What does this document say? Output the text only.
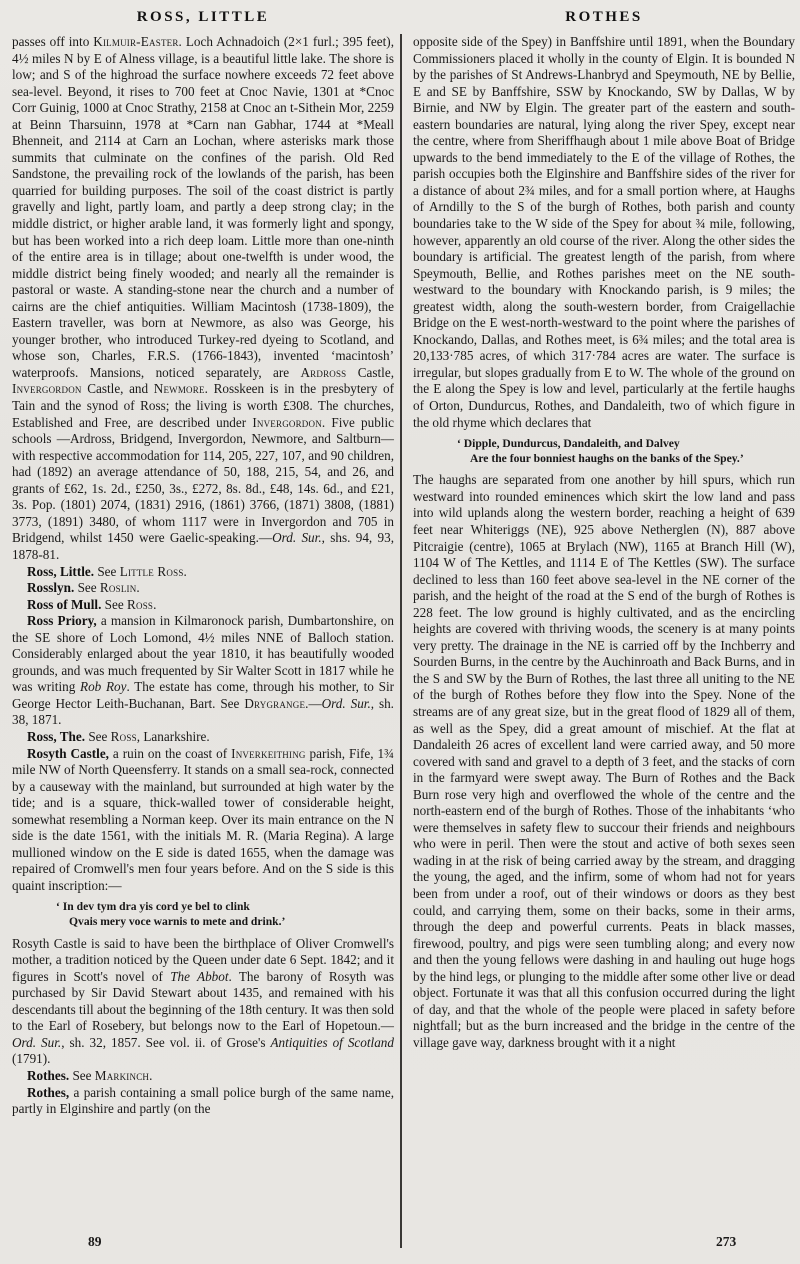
ROSS, LITTLE

passes off into Kilmuir-Easter. Loch Achnadoich (2×1 furl.; 395 feet), 4½ miles N by E of Alness village, is a beautiful little lake. The shore is low; and S of the highroad the surface nowhere exceeds 72 feet above sea-level. Beyond, it rises to 700 feet at Cnoc Navie, 1301 at *Cnoc Corr Guinig, 1000 at Cnoc Strathy, 2158 at Cnoc an t-Sithein Mor, 2259 at Beinn Tharsuinn, 1978 at *Carn nan Gabhar, 1744 at *Meall Bhenneit, and 2114 at Carn an Lochan, where asterisks mark those summits that culminate on the confines of the parish. Old Red Sandstone, the prevailing rock of the lowlands of the parish, has been quarried for building purposes. The soil of the coast district is partly gravelly and light, partly loam, and partly a deep strong clay; in the middle district, or higher arable land, it was formerly light and spongy, but has been worked into a rich deep loam. Little more than one-ninth of the entire area is in tillage; about one-twelfth is under wood, the middle district being finely wooded; and nearly all the remainder is pastoral or waste. A standing-stone near the church and a number of cairns are the chief antiquities. William Macintosh (1738-1809), the Eastern traveller, was born at Newmore, as also was George, his younger brother, who introduced Turkey-red dyeing to Scotland, and whose son, Charles, F.R.S. (1766-1843), invented ‘macintosh’ waterproofs. Mansions, noticed separately, are Ardross Castle, Invergordon Castle, and Newmore. Rosskeen is in the presbytery of Tain and the synod of Ross; the living is worth £308. The churches, Established and Free, are described under Invergordon. Five public schools —Ardross, Bridgend, Invergordon, Newmore, and Saltburn—with respective accommodation for 114, 205, 227, 107, and 90 children, had (1892) an average attendance of 50, 188, 215, 54, and 26, and grants of £62, 1s. 2d., £250, 3s., £272, 8s. 8d., £48, 14s. 6d., and £21, 3s. Pop. (1801) 2074, (1831) 2916, (1861) 3766, (1871) 3808, (1881) 3773, (1891) 3480, of whom 1117 were in Invergordon and 705 in Bridgend, whilst 1450 were Gaelic-speaking.—Ord. Sur., shs. 94, 93, 1878-81.

Ross, Little. See Little Ross.

Rosslyn. See Roslin.

Ross of Mull. See Ross.

Ross Priory, a mansion in Kilmaronock parish, Dumbartonshire, on the SE shore of Loch Lomond, 4½ miles NNE of Balloch station. Considerably enlarged about the year 1810, it has beautifully wooded grounds, and was much frequented by Sir Walter Scott in 1817 while he was writing Rob Roy. The estate has come, through his mother, to Sir George Hector Leith-Buchanan, Bart. See Drygrange.—Ord. Sur., sh. 38, 1871.

Ross, The. See Ross, Lanarkshire.

Rosyth Castle, a ruin on the coast of Inverkeithing parish, Fife, 1¾ mile NW of North Queensferry. It stands on a small sea-rock, connected by a causeway with the mainland, but surrounded at high water by the tide; and is a square, thick-walled tower of considerable height, somewhat resembling a Norman keep. Over its main entrance on the N side is the date 1561, with the initials M. R. (Maria Regina). A large mullioned window on the E side is dated 1655, when the damage was repaired of Cromwell's men four years before. And on the S side is this quaint inscription:—

‘ In dev tym dra yis cord ye bel to clink
Qvais mery voce warnis to mete and drink.’

Rosyth Castle is said to have been the birthplace of Oliver Cromwell's mother, a tradition noticed by the Queen under date 6 Sept. 1842; and it figures in Scott's novel of The Abbot. The barony of Rosyth was purchased by Sir David Stewart about 1435, and remained with his descendants till about the beginning of the 18th century. It was then sold to the Earl of Rosebery, but belongs now to the Earl of Hopetoun.—Ord. Sur., sh. 32, 1857. See vol. ii. of Grose's Antiquities of Scotland (1791).

Rothes. See Markinch.

Rothes, a parish containing a small police burgh of the same name, partly in Elginshire and partly (on the

ROTHES

opposite side of the Spey) in Banffshire until 1891, when the Boundary Commissioners placed it wholly in the county of Elgin. It is bounded N by the parishes of St Andrews-Lhanbryd and Speymouth, NE by Bellie, E and SE by Banffshire, SSW by Knockando, SW by Dallas, W by Birnie, and NW by Elgin. The greater part of the eastern and south-eastern boundaries are natural, lying along the river Spey, except near the centre, where from Sheriffhaugh about 1 mile above Boat of Bridge upwards to the bend immediately to the E of the village of Rothes, the parish occupies both the Elginshire and Banffshire sides of the river for a distance of about 2¾ miles, and for a small portion where, at Haughs of Arndilly to the S of the burgh of Rothes, both parish and county boundaries take to the W side of the Spey for about ¾ mile, following, however, apparently an old course of the river. Along the other sides the boundary is artificial. The greatest length of the parish, from where Speymouth, Bellie, and Rothes parishes meet on the NE south-westward to the boundary with Knockando parish, is 9 miles; the greatest width, along the south-western border, from Craigellachie Bridge on the E west-north-westward to the point where the parishes of Knockando, Dallas, and Rothes meet, is 6¾ miles; and the total area is 20,133·785 acres, of which 317·784 acres are water. The surface is irregular, but slopes gradually from E to W. The whole of the ground on the E along the Spey is low and level, particularly at the fertile haughs of Orton, Dundurcus, Rothes, and Dandaleith, two of which figure in the old rhyme which declares that

‘ Dipple, Dundurcus, Dandaleith, and Dalvey
Are the four bonniest haughs on the banks of the Spey.’

The haughs are separated from one another by hill spurs, which run westward into rounded eminences which skirt the low land and pass into wild uplands along the western border, reaching a height of 639 feet near Whiteriggs (NE), 925 above Netherglen (N), 887 above Pitcraigie (centre), 1065 at Brylach (NW), 1165 at Branch Hill (W), 1104 W of The Kettles, and 1114 E of The Kettles (SW). The surface declined to less than 160 feet above sea-level in the NE corner of the parish, and the height of the road at the S end of the burgh of Rothes is 228 feet. The low ground is highly cultivated, and as the encircling heights are covered with thriving woods, the scenery is at many points very pretty. The drainage in the NE is carried off by the Inchberry and Sourden Burns, in the centre by the Auchinroath and Back Burns, and in the S and SW by the Burn of Rothes, the last three all uniting to the NE of the burgh of Rothes before they flow into the Spey. None of the streams are of any great size, but in the great flood of 1829 all of them, as well as the Spey, did a great amount of mischief. At the flat at Dandaleith 26 acres of excellent land were carried away, and 50 more covered with sand and gravel to a depth of 3 feet, and the stacks of corn in the farmyard were swept away. The Burn of Rothes and the Back Burn rose very high and overflowed the whole of the centre and the north-eastern end of the burgh of Rothes. Those of the inhabitants ‘who were themselves in safety flew to succour their friends and neighbours who were in peril. Then were the stout and active of both sexes seen wading in at the risk of being carried away by the stream, and dragging the young, the aged, and the infirm, some of whom had not for years been from under a roof, out of their windows or doors as they best could, and carrying them, some on their backs, some in their arms, through the deep and powerful currents. Peats in black masses, firewood, poultry, and pigs were seen tumbling along; and every now and then the young fellows were dashing in and hauling out huge hogs by the hind legs, or plunging to the middle after some other live or dead object. Fortunate it was that all this confusion occurred during the light of day, and that the whole of the people were placed in safety before nightfall; but as the burn increased and the bridge in the centre of the village gave way, darkness brought with it a night

89	273
